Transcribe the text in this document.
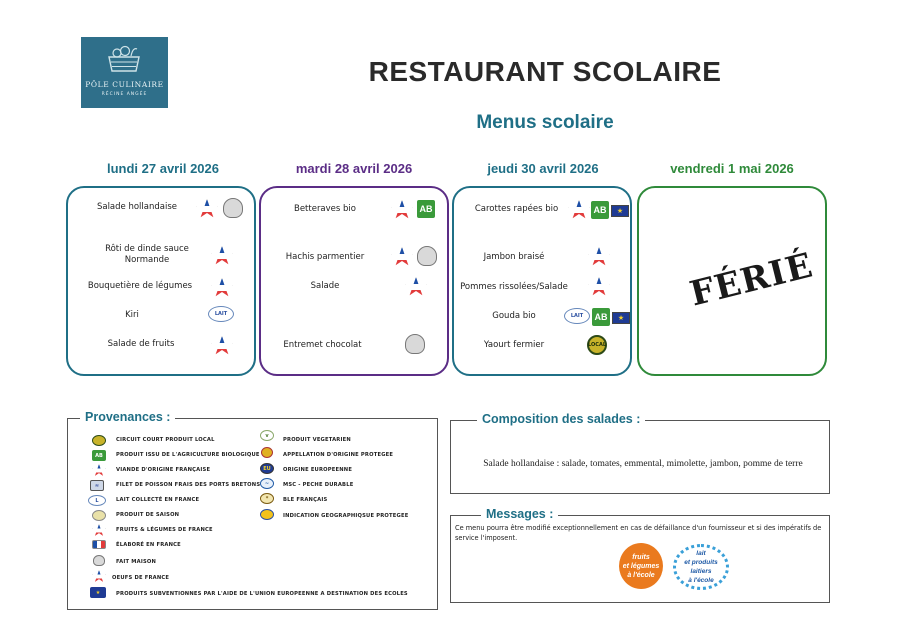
PÔLE CULINAIRE
RÉCINE ANGÉE
RESTAURANT SCOLAIRE
Menus scolaire
lundi 27 avril 2026	mardi 28 avril 2026	jeudi 30 avril 2026	vendredi 1 mai 2026
Salade hollandaise
Rôti de dinde sauce
Normande
Bouquetière de légumes
Kiri	LAIT
Salade de fruits
Betteraves bio	AB
Hachis parmentier
Salade
Entremet chocolat
Carottes rapées bio	AB	★
Jambon braisé
Pommes rissolées/Salade
Gouda bio	LAIT	AB	★
Yaourt fermier	LOCAL
FÉRIÉ
Provenances :
CIRCUIT COURT PRODUIT LOCAL
AB	PRODUIT ISSU DE L'AGRICULTURE BIOLOGIQUE
VIANDE D'ORIGINE FRANÇAISE
≈	FILET DE POISSON FRAIS DES PORTS BRETONS
L	LAIT COLLECTÉ EN FRANCE
PRODUIT DE SAISON
FRUITS & LÉGUMES DE FRANCE
ÉLABORÉ EN FRANCE
FAIT MAISON
OEUFS DE FRANCE
★	PRODUITS SUBVENTIONNES PAR L'AIDE DE L'UNION EUROPEENNE A DESTINATION DES ECOLES
v
PRODUIT VEGETARIEN
APPELLATION D'ORIGINE PROTEGEE
EU	ORIGINE EUROPEENNE
~	MSC - PECHE DURABLE
*	BLE FRANÇAIS
INDICATION GEOGRAPHIQSUE PROTEGEE
Composition des salades :
Salade hollandaise : salade, tomates, emmental, mimolette, jambon, pomme de terre
Messages :
Ce menu pourra être modifié exceptionnellement en cas de défaillance d'un fournisseur et si des impératifs de service l'imposent.
fruits
et légumes
à l'école
lait
et produits
laitiers
à l'école
